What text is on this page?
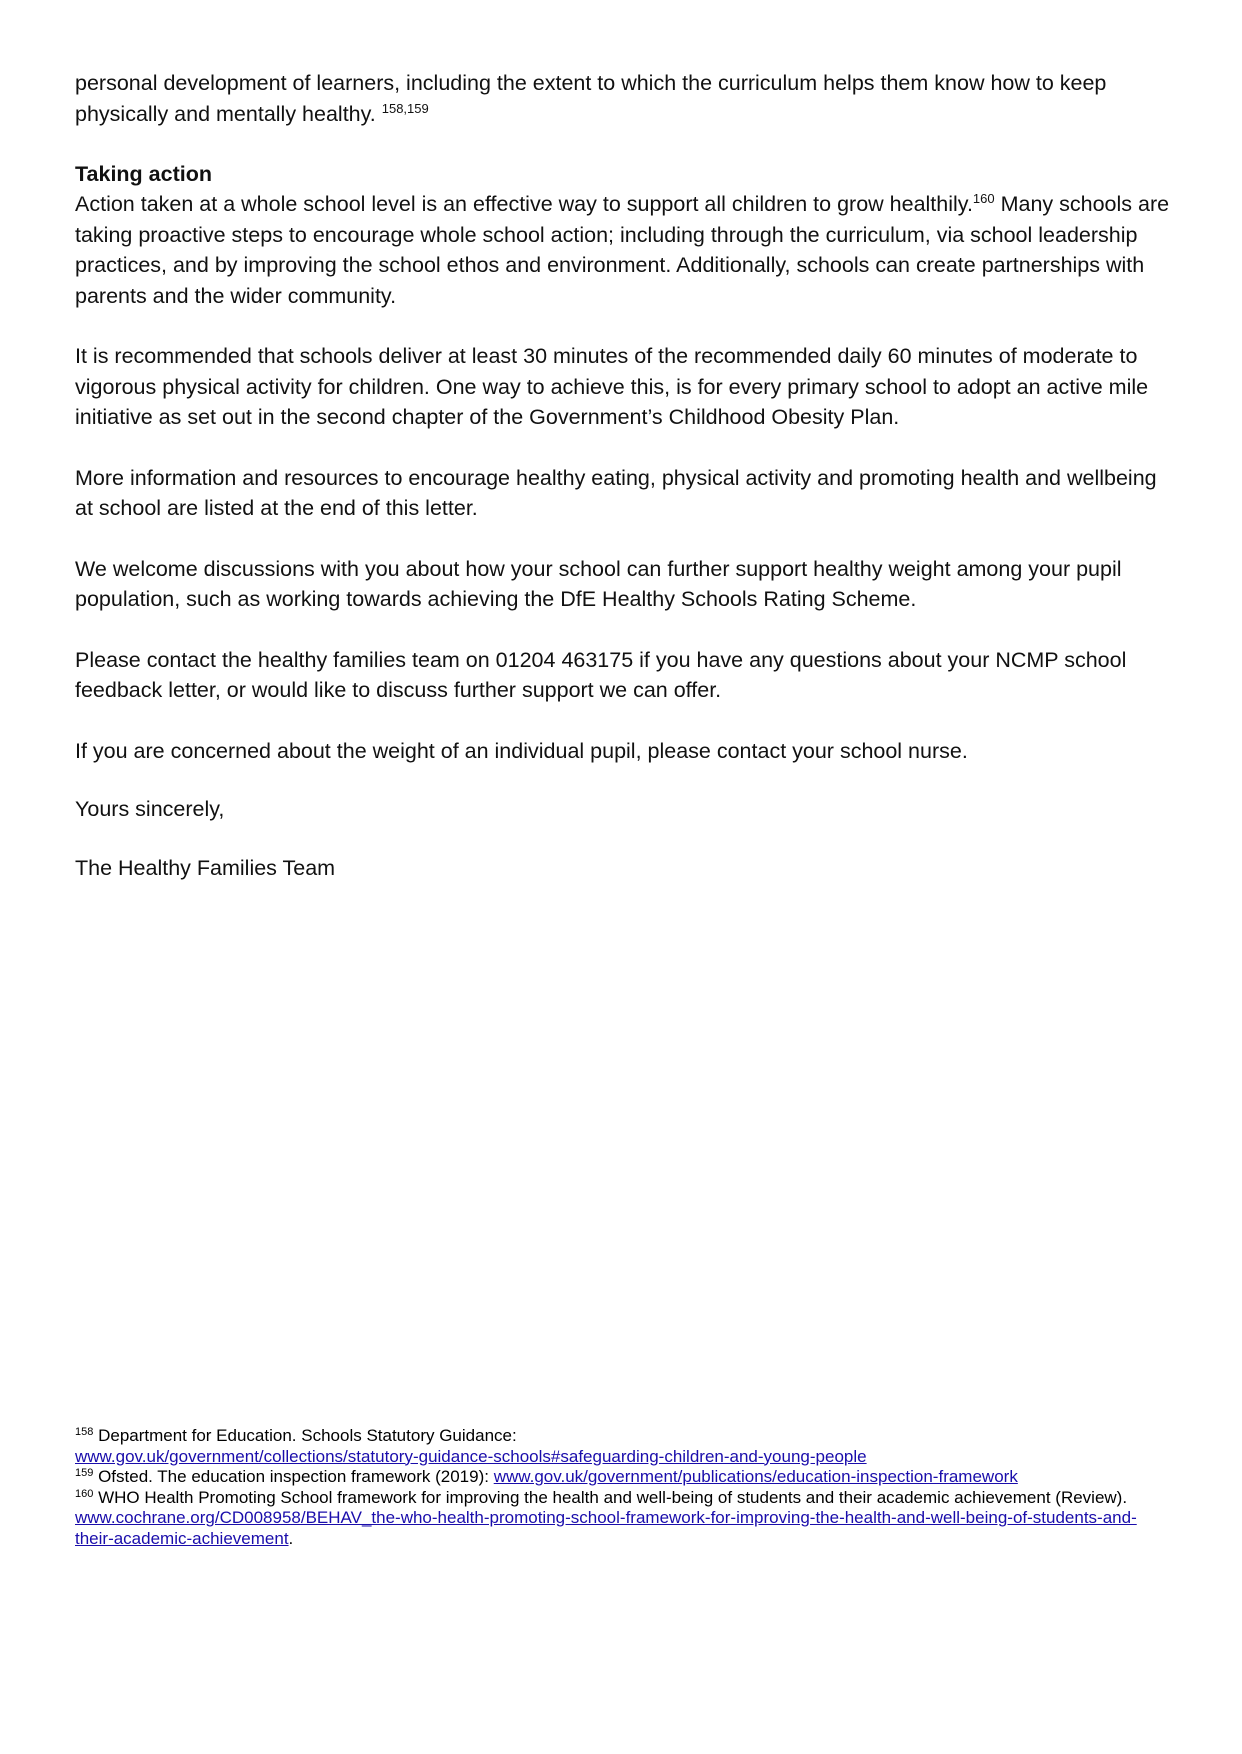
personal development of learners, including the extent to which the curriculum helps them know how to keep physically and mentally healthy. $^{158,159}$

Taking action

Action taken at a whole school level is an effective way to support all children to grow healthily.$^{160}$ Many schools are taking proactive steps to encourage whole school action; including through the curriculum, via school leadership practices, and by improving the school ethos and environment. Additionally, schools can create partnerships with parents and the wider community.

It is recommended that schools deliver at least 30 minutes of the recommended daily 60 minutes of moderate to vigorous physical activity for children. One way to achieve this, is for every primary school to adopt an active mile initiative as set out in the second chapter of the Government’s Childhood Obesity Plan.

More information and resources to encourage healthy eating, physical activity and promoting health and wellbeing at school are listed at the end of this letter.

We welcome discussions with you about how your school can further support healthy weight among your pupil population, such as working towards achieving the DfE Healthy Schools Rating Scheme.

Please contact the healthy families team on 01204 463175 if you have any questions about your NCMP school feedback letter, or would like to discuss further support we can offer.

If you are concerned about the weight of an individual pupil, please contact your school nurse.

Yours sincerely,

The Healthy Families Team

$^{158}$ Department for Education. Schools Statutory Guidance:
www.gov.uk/government/collections/statutory-guidance-schools#safeguarding-children-and-young-people

$^{159}$ Ofsted. The education inspection framework (2019): www.gov.uk/government/publications/education-inspection-framework

$^{160}$ WHO Health Promoting School framework for improving the health and well-being of students and their academic achievement (Review). www.cochrane.org/CD008958/BEHAV_the-who-health-promoting-school-framework-for-improving-the-health-and-well-being-of-students-and-their-academic-achievement.
